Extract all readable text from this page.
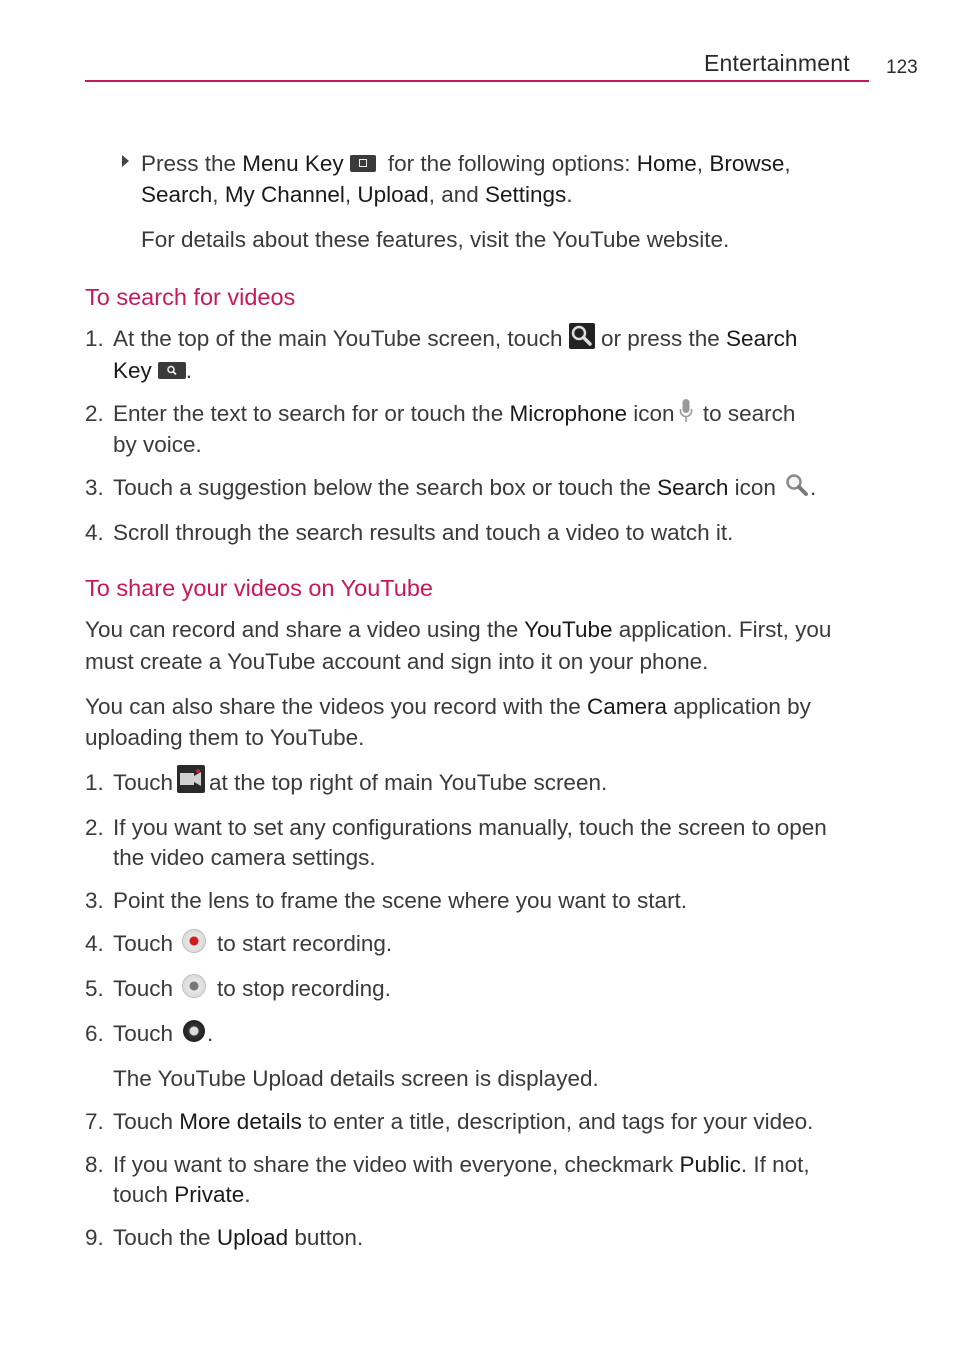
Entertainment 123
Press the Menu Key for the following options: Home, Browse,
Search, My Channel, Upload, and Settings.
For details about these features, visit the YouTube website.
To search for videos
1. At the top of the main YouTube screen, touch
or press the Search
Key .
2. Enter the text to search for or touch the Microphone icon
to search
by voice.
3. Touch a suggestion below the search box or touch the Search icon .
4. Scroll through the search results and touch a video to watch it.
To share your videos on YouTube
You can record and share a video using the YouTube application. First, you
must create a YouTube account and sign into it on your phone.
You can also share the videos you record with the Camera application by
uploading them to YouTube.
1. Touch at the top right of main YouTube screen.
2. If you want to set any configurations manually, touch the screen to open
the video camera settings.
3. Point the lens to frame the scene where you want to start.
4. Touch to start recording.
5. Touch to stop recording.
6. Touch .
The YouTube Upload details screen is displayed.
7. Touch More details to enter a title, description, and tags for your video.
8. If you want to share the video with everyone, checkmark Public. If not,
touch Private.
9. Touch the Upload button.
